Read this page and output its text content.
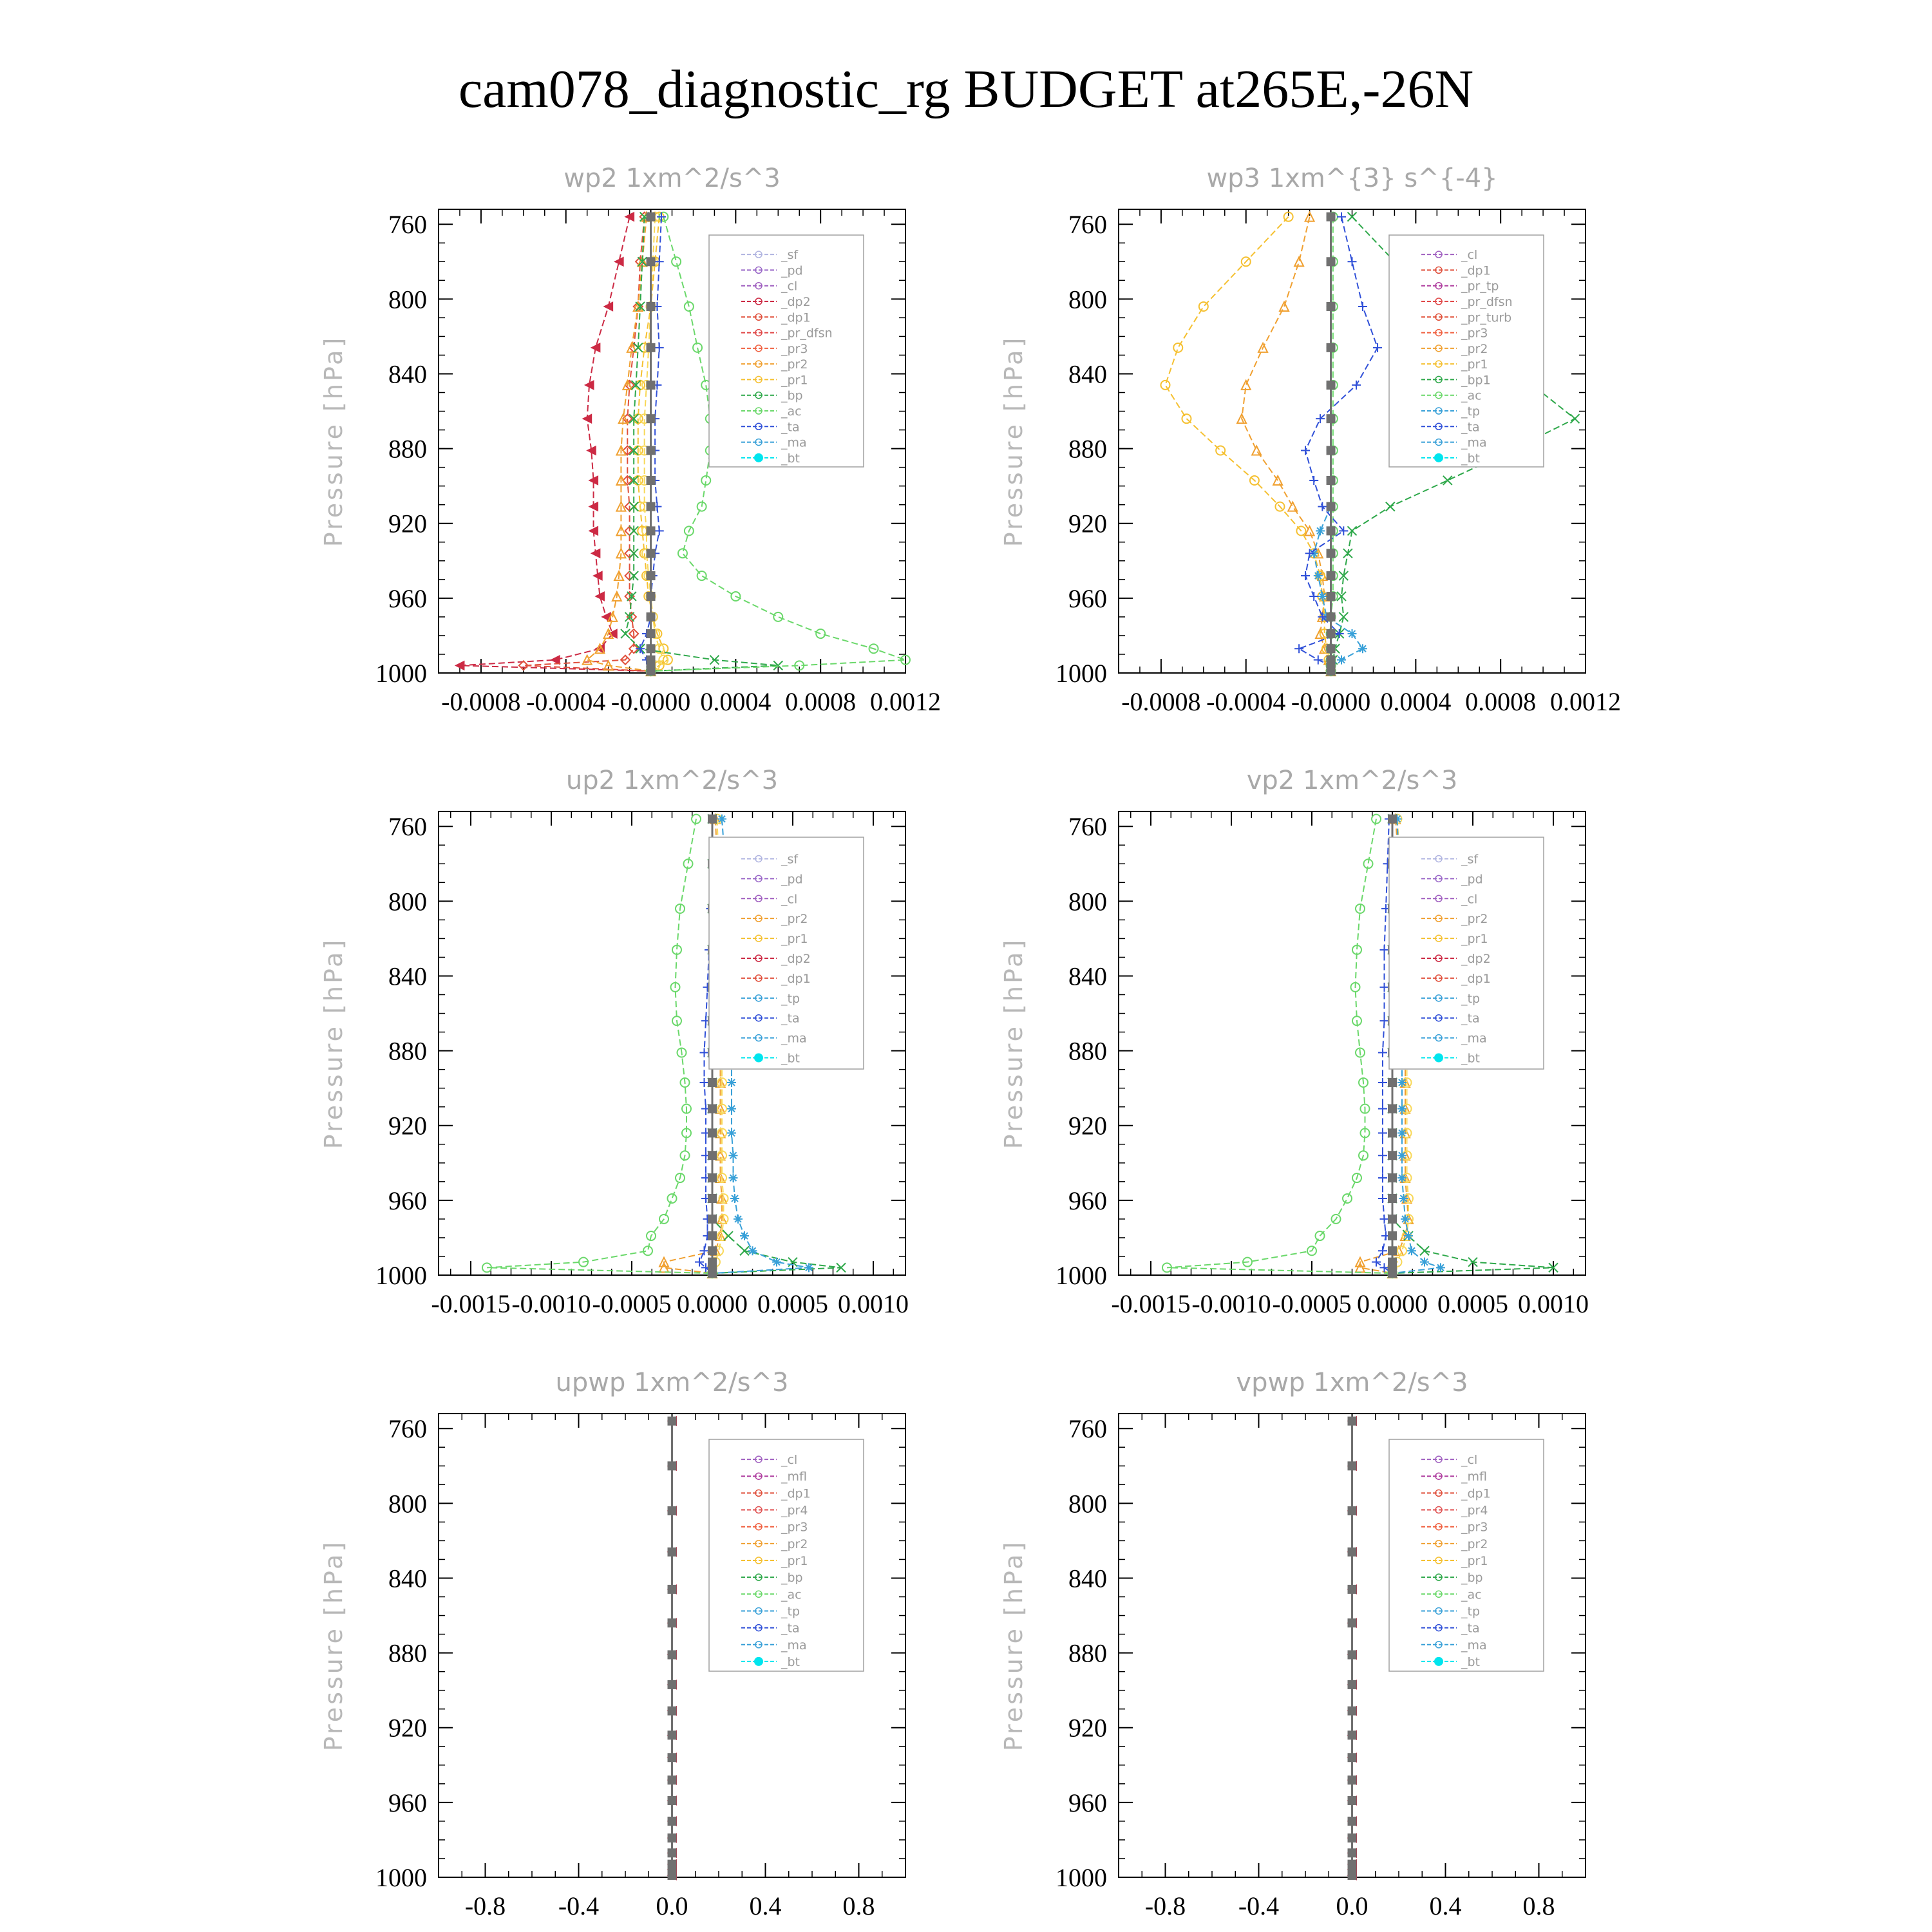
cam078_diagnostic_rg BUDGET at265E,-26N
wp2 1xm^2/s^3
Pressure [hPa]
760
800
840
880
920
960
1000
-0.0008 -0.0004 -0.0000 0.0004 0.0008 0.0012
_sf
_pd
_cl
_dp2
_dp1
_pr_dfsn
_pr3
_pr2
_pr1
_bp
_ac
_ta
_ma
_bt
wp3 1xm^{3} s^{-4}
Pressure [hPa]
760
800
840
880
920
960
1000
-0.0008 -0.0004 -0.0000 0.0004 0.0008 0.0012
_cl
_dp1
_pr_tp
_pr_dfsn
_pr_turb
_pr3
_pr2
_pr1
_bp1
_ac
_tp
_ta
_ma
_bt
up2 1xm^2/s^3
Pressure [hPa]
760
800
840
880
920
960
1000
-0.0015 -0.0010 -0.0005 0.0000 0.0005 0.0010
_sf
_pd
_cl
_pr2
_pr1
_dp2
_dp1
_tp
_ta
_ma
_bt
vp2 1xm^2/s^3
Pressure [hPa]
760
800
840
880
920
960
1000
-0.0015 -0.0010 -0.0005 0.0000 0.0005 0.0010
_sf
_pd
_cl
_pr2
_pr1
_dp2
_dp1
_tp
_ta
_ma
_bt
upwp 1xm^2/s^3
Pressure [hPa]
760
800
840
880
920
960
1000
-0.8 -0.4 0.0 0.4 0.8
_cl
_mfl
_dp1
_pr4
_pr3
_pr2
_pr1
_bp
_ac
_tp
_ta
_ma
_bt
vpwp 1xm^2/s^3
Pressure [hPa]
760
800
840
880
920
960
1000
-0.8 -0.4 0.0 0.4 0.8
_cl
_mfl
_dp1
_pr4
_pr3
_pr2
_pr1
_bp
_ac
_tp
_ta
_ma
_bt
